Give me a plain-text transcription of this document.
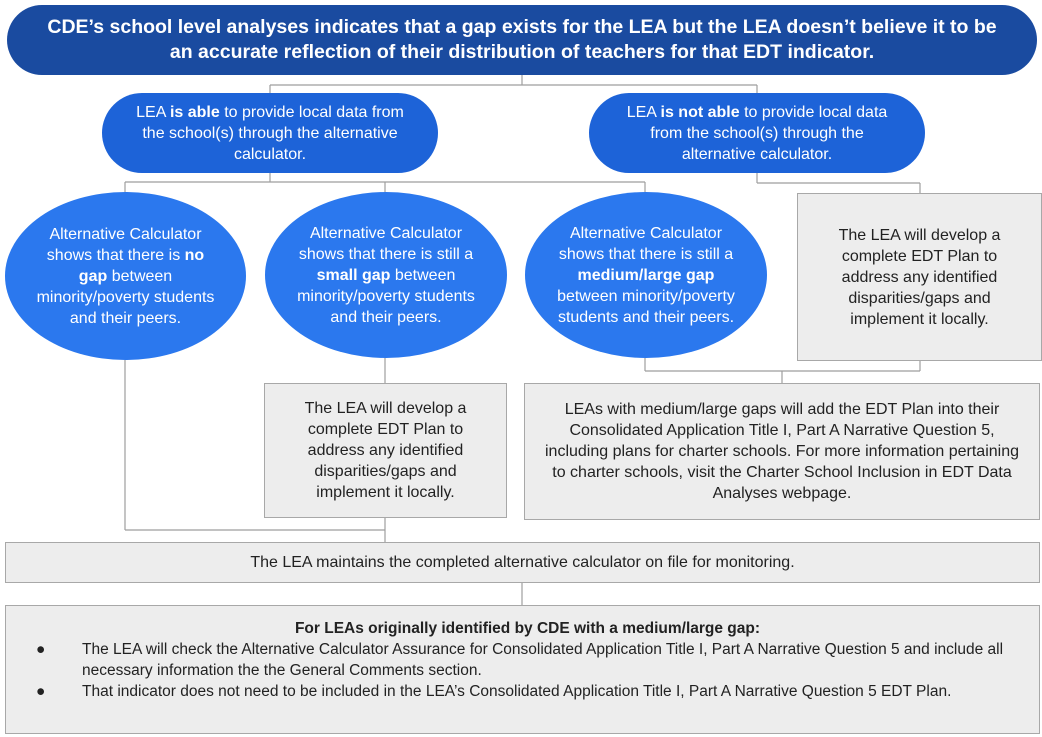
CDE’s school level analyses indicates that a gap exists for the LEA but the LEA doesn’t believe it to be an accurate reflection of their distribution of teachers for that EDT indicator.
LEA is able to provide local data from the school(s) through the alternative calculator.
LEA is not able to provide local data from the school(s) through the alternative calculator.
Alternative Calculator shows that there is no gap between minority/poverty students and their peers.
Alternative Calculator shows that there is still a small gap between minority/poverty students and their peers.
Alternative Calculator shows that there is still a medium/large gap between minority/poverty students and their peers.
The LEA will develop a complete EDT Plan to address any identified disparities/gaps and implement it locally.
The LEA will develop a complete EDT Plan to address any identified disparities/gaps and implement it locally.
LEAs with medium/large gaps will add the EDT Plan into their Consolidated Application Title I, Part A Narrative Question 5, including plans for charter schools. For more information pertaining to charter schools, visit the Charter School Inclusion in EDT Data Analyses webpage.
The LEA maintains the completed alternative calculator on file for monitoring.
For LEAs originally identified by CDE with a medium/large gap:
● The LEA will check the Alternative Calculator Assurance for Consolidated Application Title I, Part A Narrative Question 5 and include all necessary information the the General Comments section.
● That indicator does not need to be included in the LEA’s Consolidated Application Title I, Part A Narrative Question 5 EDT Plan.
